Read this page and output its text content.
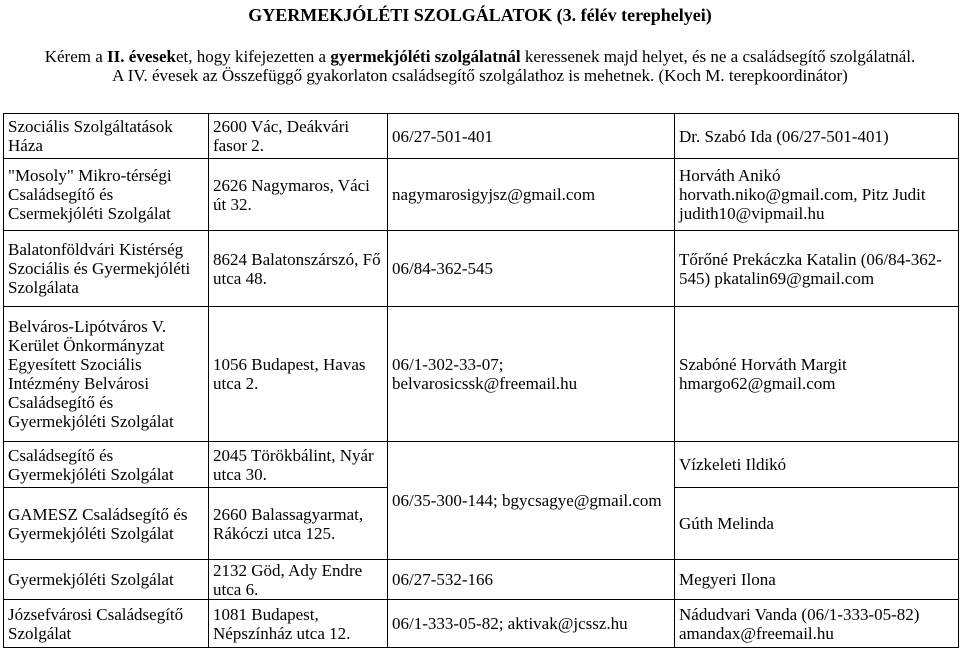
GYERMEKJÓLÉTI SZOLGÁLATOK (3. félév terephelyei)
Kérem a II. éveseket, hogy kifejezetten a gyermekjóléti szolgálatnál keressenek majd helyet, és ne a családsegítő szolgálatnál.
A IV. évesek az Összefüggő gyakorlaton családsegítő szolgálathoz is mehetnek. (Koch M. terepkoordinátor)
Szociális Szolgáltatások Háza	2600 Vác, Deákvári fasor 2.	06/27-501-401	Dr. Szabó Ida (06/27-501-401)
"Mosoly" Mikro-térségi Családsegítő és Csermekjóléti Szolgálat	2626 Nagymaros, Váci út 32.	nagymarosigyjsz@gmail.com	Horváth Anikó horvath.niko@gmail.com, Pitz Judit judith10@vipmail.hu
Balatonföldvári Kistérség Szociális és Gyermekjóléti Szolgálata	8624 Balatonszárszó, Fő utca 48.	06/84-362-545	Tőrőné Prekáczka Katalin (06/84-362-545) pkatalin69@gmail.com
Belváros-Lipótváros V. Kerület Önkormányzat Egyesített Szociális Intézmény Belvárosi Családsegítő és Gyermekjóléti Szolgálat	1056 Budapest, Havas utca 2.	06/1-302-33-07; belvarosicssk@freemail.hu	Szabóné Horváth Margit hmargo62@gmail.com
Családsegítő és Gyermekjóléti Szolgálat	2045 Törökbálint, Nyár utca 30.	06/35-300-144; bgycsagye@gmail.com	Vízkeleti Ildikó
GAMESZ Családsegítő és Gyermekjóléti Szolgálat	2660 Balassagyarmat, Rákóczi utca 125.		Gúth Melinda
Gyermekjóléti Szolgálat	2132 Göd, Ady Endre utca 6.	06/27-532-166	Megyeri Ilona
Józsefvárosi Családsegítő Szolgálat	1081 Budapest, Népszínház utca 12.	06/1-333-05-82; aktivak@jcssz.hu	Nádudvari Vanda (06/1-333-05-82) amandax@freemail.hu
